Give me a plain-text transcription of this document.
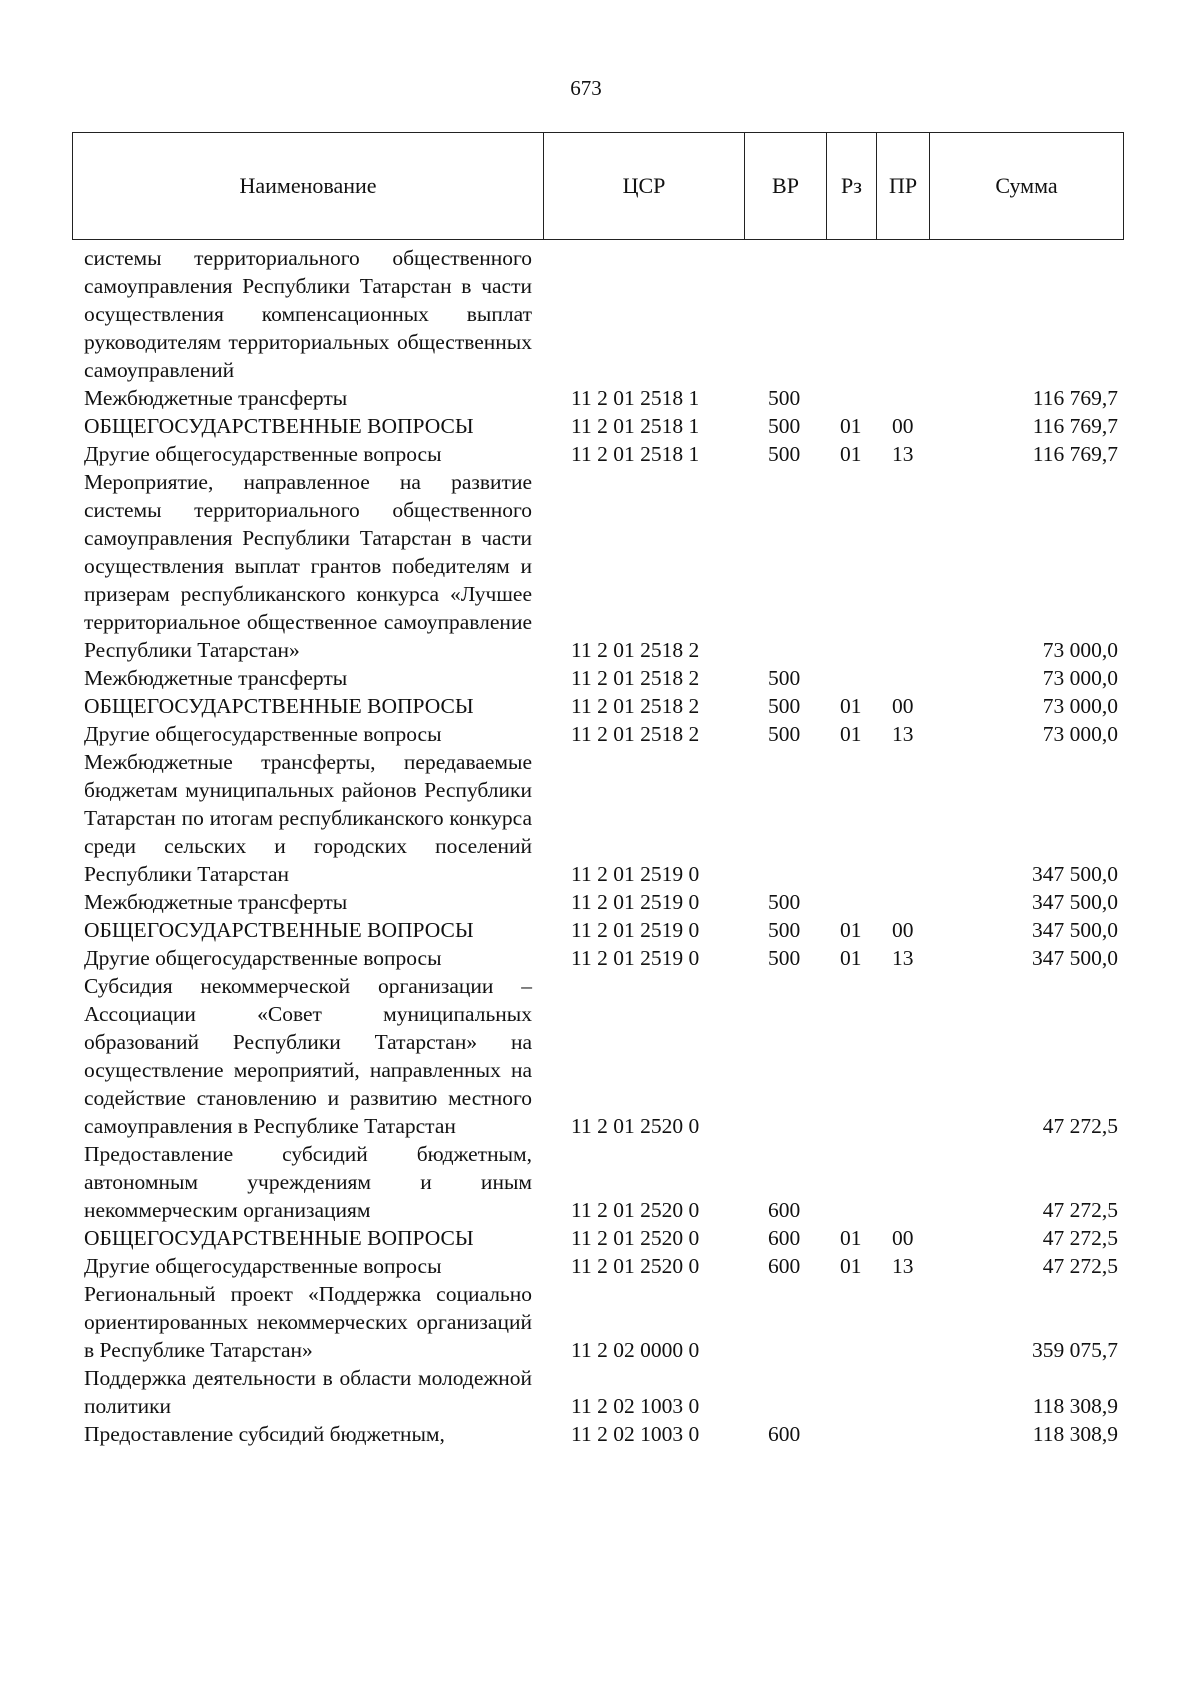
673
Наименование	ЦСР	ВР	Рз	ПР	Сумма
системы территориального общественного самоуправления Республики Татарстан в части осуществления компенсационных выплат руководителям территориальных общественных самоуправлений
Межбюджетные трансферты	11 2 01 2518 1	500	116 769,7
ОБЩЕГОСУДАРСТВЕННЫЕ ВОПРОСЫ	11 2 01 2518 1	500 01 00	116 769,7
Другие общегосударственные вопросы	11 2 01 2518 1	500 01 13	116 769,7
Мероприятие, направленное на развитие системы территориального общественного самоуправления Республики Татарстан в части осуществления выплат грантов победителям и призерам республиканского конкурса «Лучшее территориальное общественное самоуправление Республики Татарстан»	11 2 01 2518 2	73 000,0
Межбюджетные трансферты	11 2 01 2518 2	500	73 000,0
ОБЩЕГОСУДАРСТВЕННЫЕ ВОПРОСЫ	11 2 01 2518 2	500 01 00	73 000,0
Другие общегосударственные вопросы	11 2 01 2518 2	500 01 13	73 000,0
Межбюджетные трансферты, передаваемые бюджетам муниципальных районов Республики Татарстан по итогам республиканского конкурса среди сельских и городских поселений Республики Татарстан	11 2 01 2519 0	347 500,0
Межбюджетные трансферты	11 2 01 2519 0	500	347 500,0
ОБЩЕГОСУДАРСТВЕННЫЕ ВОПРОСЫ	11 2 01 2519 0	500 01 00	347 500,0
Другие общегосударственные вопросы	11 2 01 2519 0	500 01 13	347 500,0
Субсидия некоммерческой организации – Ассоциации «Совет муниципальных образований Республики Татарстан» на осуществление мероприятий, направленных на содействие становлению и развитию местного самоуправления в Республике Татарстан	11 2 01 2520 0	47 272,5
Предоставление субсидий бюджетным, автономным учреждениям и иным некоммерческим организациям	11 2 01 2520 0	600	47 272,5
ОБЩЕГОСУДАРСТВЕННЫЕ ВОПРОСЫ	11 2 01 2520 0	600 01 00	47 272,5
Другие общегосударственные вопросы	11 2 01 2520 0	600 01 13	47 272,5
Региональный проект «Поддержка социально ориентированных некоммерческих организаций в Республике Татарстан»	11 2 02 0000 0	359 075,7
Поддержка деятельности в области молодежной политики	11 2 02 1003 0	118 308,9
Предоставление субсидий бюджетным,	11 2 02 1003 0	600	118 308,9
